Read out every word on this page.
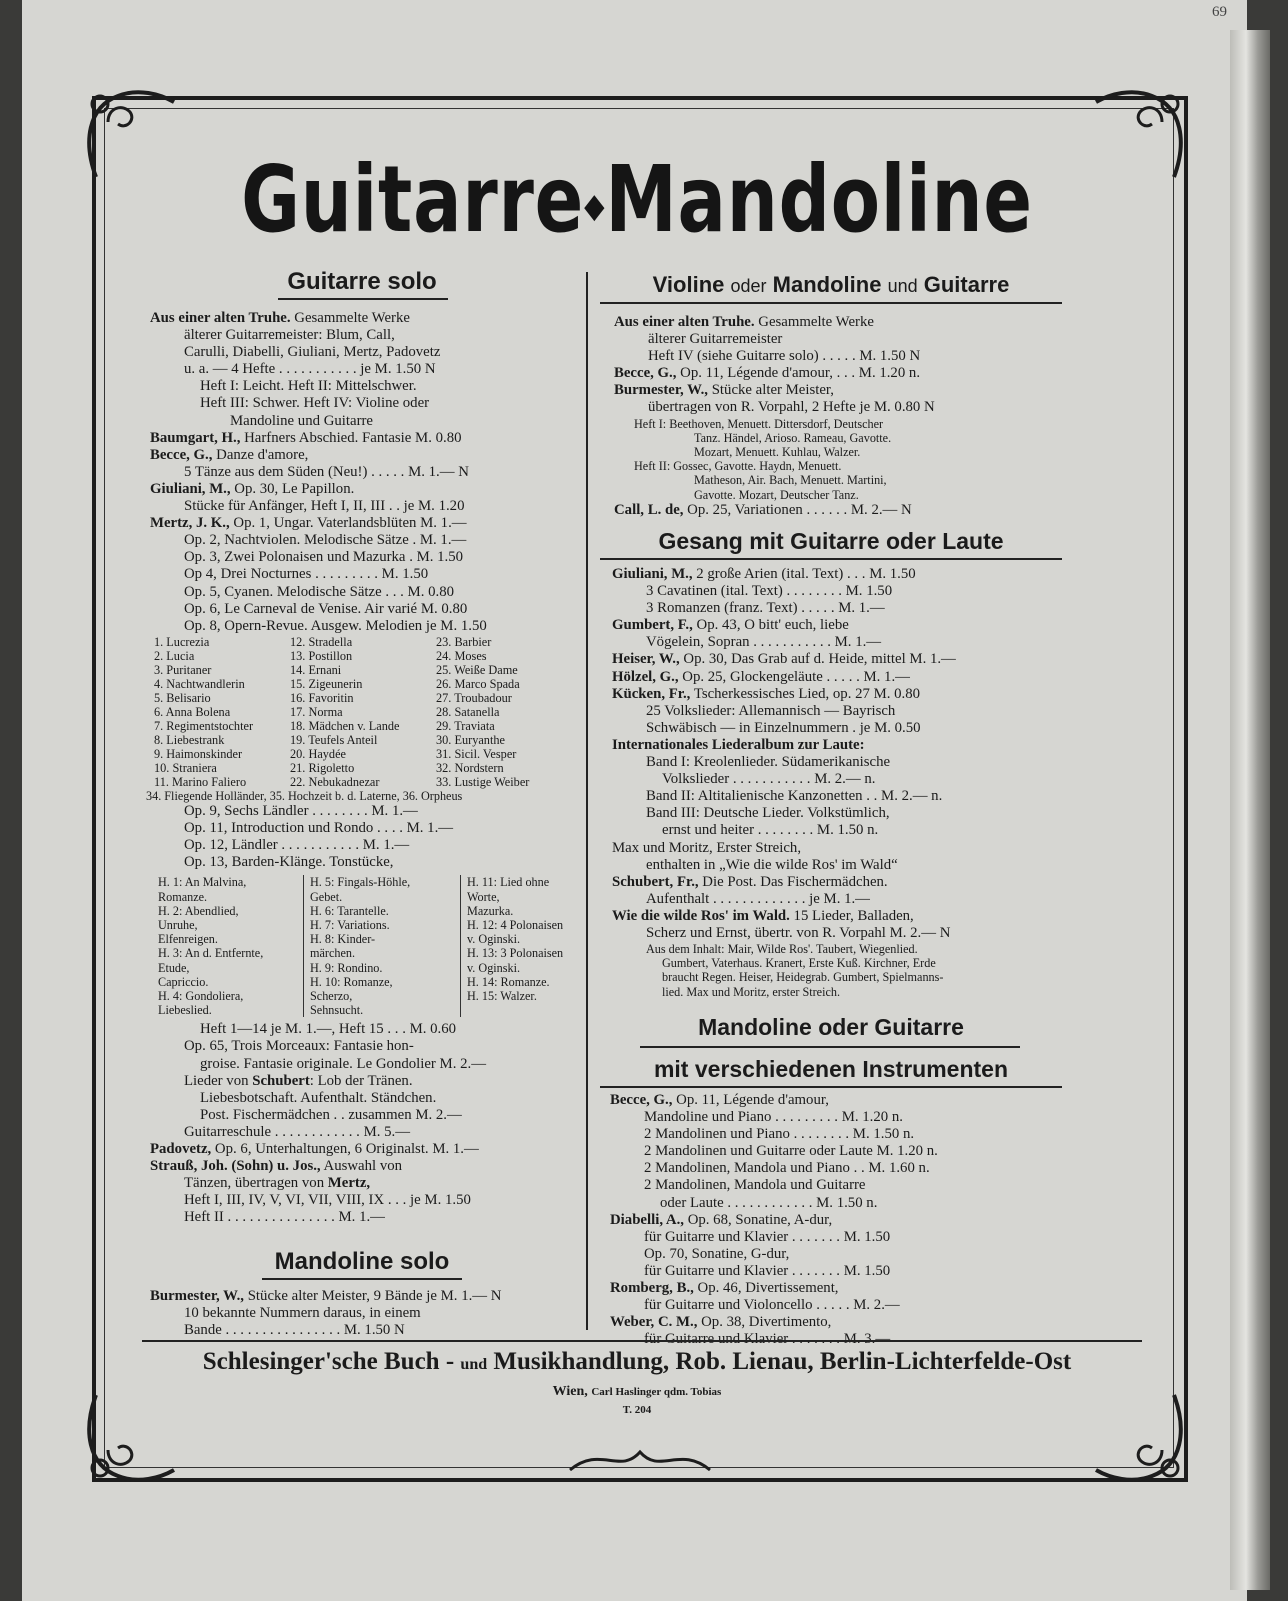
69
Guitarre◆Mandoline
Guitarre solo

Aus einer alten Truhe. Gesammelte Werke

älterer Guitarremeister: Blum, Call,

Carulli, Diabelli, Giuliani, Mertz, Padovetz

u. a. — 4 Hefte . . . . . . . . . . . je M. 1.50 N

Heft I: Leicht. Heft II: Mittelschwer.

Heft III: Schwer. Heft IV: Violine oder

Mandoline und Guitarre

Baumgart, H., Harfners Abschied. Fantasie M. 0.80

Becce, G., Danze d'amore,

5 Tänze aus dem Süden (Neu!) . . . . . M. 1.— N

Giuliani, M., Op. 30, Le Papillon.

Stücke für Anfänger, Heft I, II, III . . je M. 1.20

Mertz, J. K., Op. 1, Ungar. Vaterlandsblüten M. 1.—

Op. 2, Nachtviolen. Melodische Sätze . M. 1.—

Op. 3, Zwei Polonaisen und Mazurka . M. 1.50

Op 4, Drei Nocturnes . . . . . . . . . M. 1.50

Op. 5, Cyanen. Melodische Sätze . . . M. 0.80

Op. 6, Le Carneval de Venise. Air varié M. 0.80

Op. 8, Opern-Revue. Ausgew. Melodien je M. 1.50

1. Lucrezia	12. Stradella	23. Barbier
2. Lucia	13. Postillon	24. Moses
3. Puritaner	14. Ernani	25. Weiße Dame
4. Nachtwandlerin	15. Zigeunerin	26. Marco Spada
5. Belisario	16. Favoritin	27. Troubadour
6. Anna Bolena	17. Norma	28. Satanella
7. Regimentstochter	18. Mädchen v. Lande	29. Traviata
8. Liebestrank	19. Teufels Anteil	30. Euryanthe
9. Haimonskinder	20. Haydée	31. Sicil. Vesper
10. Straniera	21. Rigoletto	32. Nordstern
11. Marino Faliero	22. Nebukadnezar	33. Lustige Weiber

34. Fliegende Holländer, 35. Hochzeit b. d. Laterne, 36. Orpheus

Op. 9, Sechs Ländler . . . . . . . . M. 1.—

Op. 11, Introduction und Rondo . . . . M. 1.—

Op. 12, Ländler . . . . . . . . . . . M. 1.—

Op. 13, Barden-Klänge. Tonstücke,

H. 1: An Malvina,	H. 5: Fingals-Höhle,	H. 11: Lied ohne
Romanze.	Gebet.	Worte,
H. 2: Abendlied,	H. 6: Tarantelle.	Mazurka.
Unruhe,	H. 7: Variations.	H. 12: 4 Polonaisen
Elfenreigen.	H. 8: Kinder-	v. Oginski.
H. 3: An d. Entfernte,	märchen.	H. 13: 3 Polonaisen
Etude,	H. 9: Rondino.	v. Oginski.
Capriccio.	H. 10: Romanze,	H. 14: Romanze.
H. 4: Gondoliera,	Scherzo,	H. 15: Walzer.
Liebeslied.	Sehnsucht.

Heft 1—14 je M. 1.—, Heft 15 . . . M. 0.60

Op. 65, Trois Morceaux: Fantasie hon-

groise. Fantasie originale. Le Gondolier M. 2.—

Lieder von Schubert: Lob der Tränen.

Liebesbotschaft. Aufenthalt. Ständchen.

Post. Fischermädchen . . zusammen M. 2.—

Guitarreschule . . . . . . . . . . . . M. 5.—

Padovetz, Op. 6, Unterhaltungen, 6 Originalst. M. 1.—

Strauß, Joh. (Sohn) u. Jos., Auswahl von

Tänzen, übertragen von Mertz,

Heft I, III, IV, V, VI, VII, VIII, IX . . . je M. 1.50

Heft II . . . . . . . . . . . . . . . M. 1.—

Mandoline solo

Burmester, W., Stücke alter Meister, 9 Bände je M. 1.— N

10 bekannte Nummern daraus, in einem

Bande . . . . . . . . . . . . . . . . M. 1.50 N

Violine oder Mandoline und Guitarre

Aus einer alten Truhe. Gesammelte Werke

älterer Guitarremeister

Heft IV (siehe Guitarre solo) . . . . . M. 1.50 N

Becce, G., Op. 11, Légende d'amour, . . . M. 1.20 n.

Burmester, W., Stücke alter Meister,

übertragen von R. Vorpahl, 2 Hefte je M. 0.80 N

Heft I: Beethoven, Menuett. Dittersdorf, Deutscher

Tanz. Händel, Arioso. Rameau, Gavotte.

Mozart, Menuett. Kuhlau, Walzer.

Heft II: Gossec, Gavotte. Haydn, Menuett.

Matheson, Air. Bach, Menuett. Martini,

Gavotte. Mozart, Deutscher Tanz.

Call, L. de, Op. 25, Variationen . . . . . . M. 2.— N

Gesang mit Guitarre oder Laute

Giuliani, M., 2 große Arien (ital. Text) . . . M. 1.50

3 Cavatinen (ital. Text) . . . . . . . . M. 1.50

3 Romanzen (franz. Text) . . . . . M. 1.—

Gumbert, F., Op. 43, O bitt' euch, liebe

Vögelein, Sopran . . . . . . . . . . . M. 1.—

Heiser, W., Op. 30, Das Grab auf d. Heide, mittel M. 1.—

Hölzel, G., Op. 25, Glockengeläute . . . . . M. 1.—

Kücken, Fr., Tscherkessisches Lied, op. 27 M. 0.80

25 Volkslieder: Allemannisch — Bayrisch

Schwäbisch — in Einzelnummern . je M. 0.50

Internationales Liederalbum zur Laute:

Band I: Kreolenlieder. Südamerikanische

Volkslieder . . . . . . . . . . . M. 2.— n.

Band II: Altitalienische Kanzonetten . . M. 2.— n.

Band III: Deutsche Lieder. Volkstümlich,

ernst und heiter . . . . . . . . M. 1.50 n.

Max und Moritz, Erster Streich,

enthalten in „Wie die wilde Ros' im Wald“

Schubert, Fr., Die Post. Das Fischermädchen.

Aufenthalt . . . . . . . . . . . . . je M. 1.—

Wie die wilde Ros' im Wald. 15 Lieder, Balladen,

Scherz und Ernst, übertr. von R. Vorpahl M. 2.— N

Aus dem Inhalt: Mair, Wilde Ros'. Taubert, Wiegenlied.

Gumbert, Vaterhaus. Kranert, Erste Kuß. Kirchner, Erde

braucht Regen. Heiser, Heidegrab. Gumbert, Spielmanns-

lied. Max und Moritz, erster Streich.

Mandoline oder Guitarre
mit verschiedenen Instrumenten

Becce, G., Op. 11, Légende d'amour,

Mandoline und Piano . . . . . . . . . M. 1.20 n.

2 Mandolinen und Piano . . . . . . . . M. 1.50 n.

2 Mandolinen und Guitarre oder Laute M. 1.20 n.

2 Mandolinen, Mandola und Piano . . M. 1.60 n.

2 Mandolinen, Mandola und Guitarre

oder Laute . . . . . . . . . . . . M. 1.50 n.

Diabelli, A., Op. 68, Sonatine, A-dur,

für Guitarre und Klavier . . . . . . . M. 1.50

Op. 70, Sonatine, G-dur,

für Guitarre und Klavier . . . . . . . M. 1.50

Romberg, B., Op. 46, Divertissement,

für Guitarre und Violoncello . . . . . M. 2.—

Weber, C. M., Op. 38, Divertimento,

Schlesinger'sche Buch - und Musikhandlung, Rob. Lienau, Berlin-Lichterfelde-Ost
Wien, Carl Haslinger qdm. Tobias
T. 204
